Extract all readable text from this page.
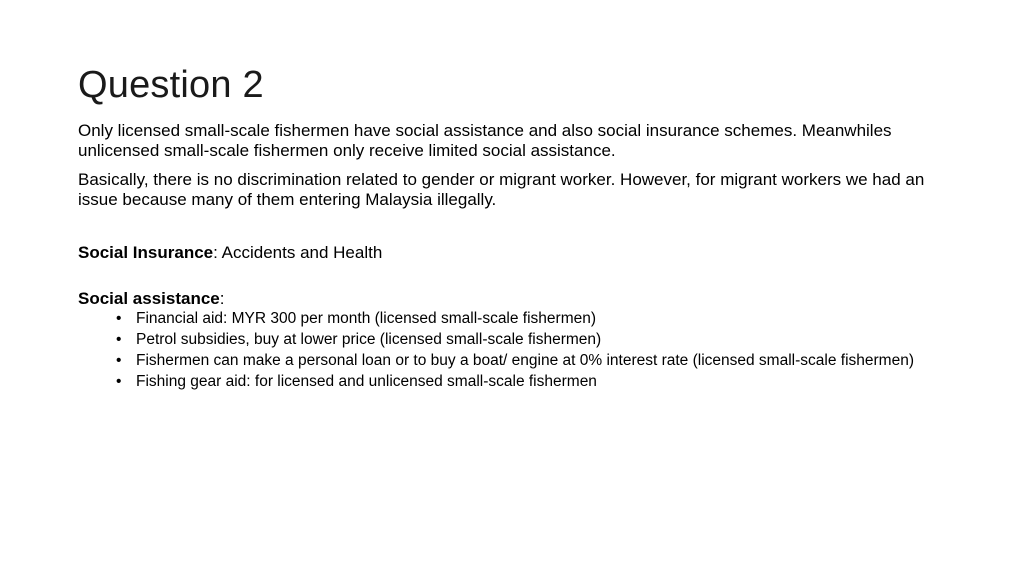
Question 2

Only licensed small-scale fishermen have social assistance and also social insurance schemes. Meanwhiles unlicensed small-scale fishermen only receive limited social assistance.

Basically, there is no discrimination related to gender or migrant worker. However, for migrant workers we had an issue because many of them entering Malaysia illegally.

Social Insurance: Accidents and Health

Social assistance:

• Financial aid: MYR 300 per month (licensed small-scale fishermen)
• Petrol subsidies, buy at lower price (licensed small-scale fishermen)
• Fishermen can make a personal loan or to buy a boat/ engine at 0% interest rate (licensed small-scale fishermen)
• Fishing gear aid: for licensed and unlicensed small-scale fishermen
